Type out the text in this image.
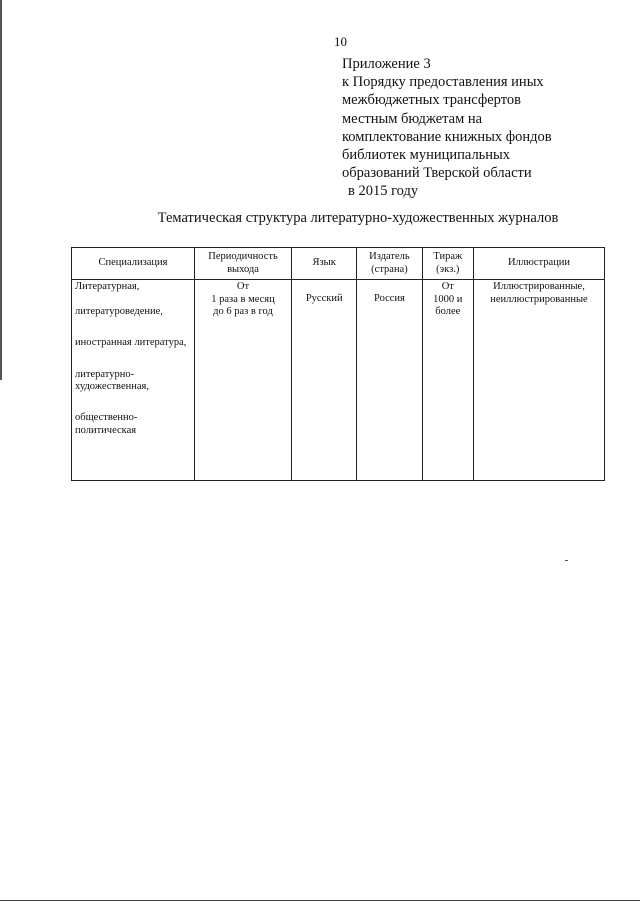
10
Приложение 3
к Порядку предоставления иных
межбюджетных трансфертов
местным бюджетам на
комплектование книжных фондов
библиотек муниципальных
образований Тверской области
в 2015 году
Тематическая структура литературно-художественных журналов
Специализация	Периодичность выхода	Язык	Издатель (страна)	Тираж (экз.)	Иллюстрации

Литературная,
литературоведение,
иностранная литература,
литературно-художественная,
общественно-политическая	От
1 раза в месяц
до 6 раз в год	Русский	Россия	От
1000 и
более	Иллюстрированные,
неиллюстрированные
